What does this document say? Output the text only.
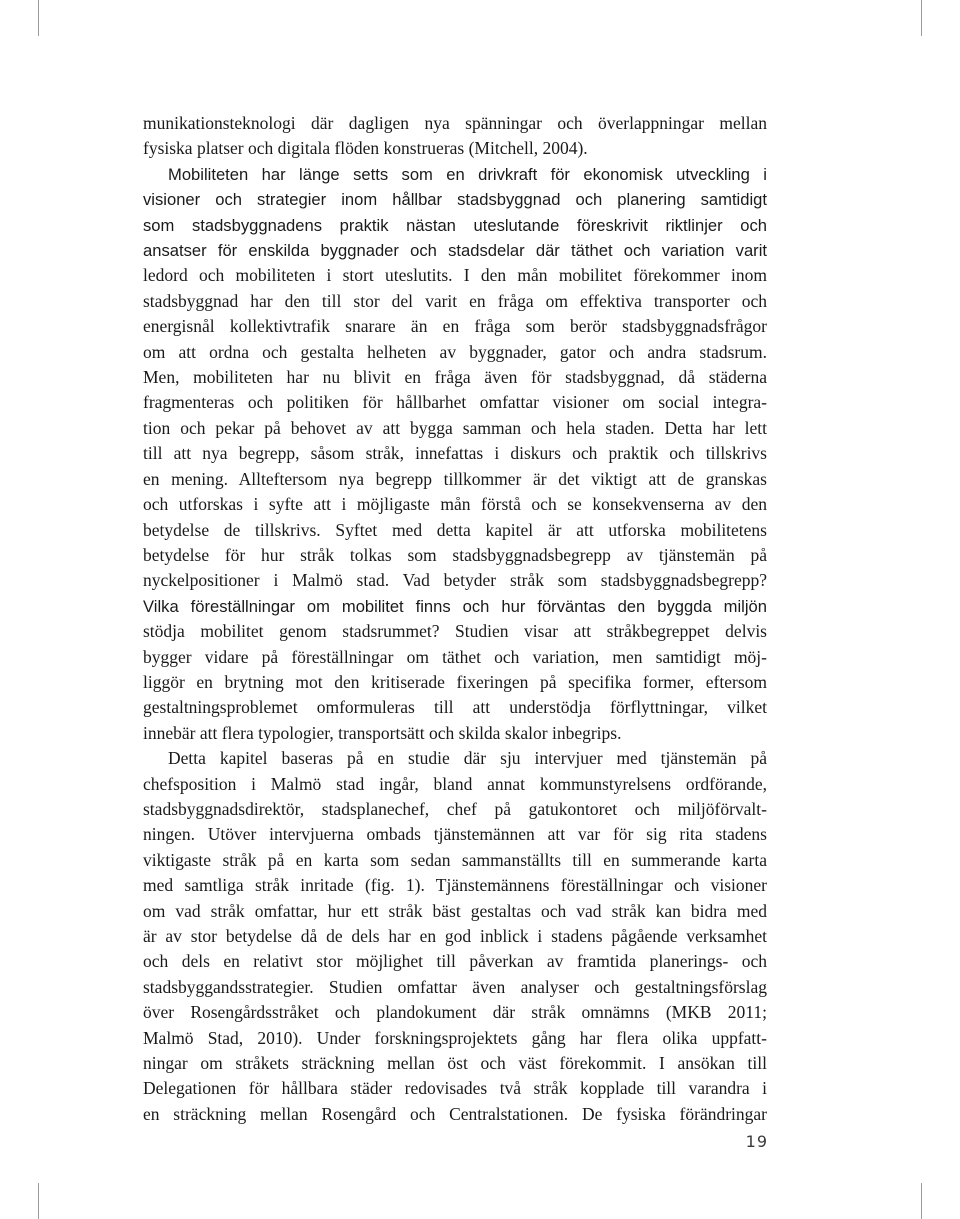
munikationsteknologi där dagligen nya spänningar och överlappningar mellan
fysiska platser och digitala flöden konstrueras (Mitchell, 2004).
Mobiliteten har länge setts som en drivkraft för ekonomisk utveckling i
visioner och strategier inom hållbar stadsbyggnad och planering samtidigt
som stadsbyggnadens praktik nästan uteslutande föreskrivit riktlinjer och
ansatser för enskilda byggnader och stadsdelar där täthet och variation varit
ledord och mobiliteten i stort uteslutits. I den mån mobilitet förekommer inom
stadsbyggnad har den till stor del varit en fråga om effektiva transporter och
energisnål kollektivtrafik snarare än en fråga som berör stadsbyggnadsfrågor
om att ordna och gestalta helheten av byggnader, gator och andra stadsrum.
Men, mobiliteten har nu blivit en fråga även för stadsbyggnad, då städerna
fragmenteras och politiken för hållbarhet omfattar visioner om social integra-
tion och pekar på behovet av att bygga samman och hela staden. Detta har lett
till att nya begrepp, såsom stråk, innefattas i diskurs och praktik och tillskrivs
en mening. Allteftersom nya begrepp tillkommer är det viktigt att de granskas
och utforskas i syfte att i möjligaste mån förstå och se konsekvenserna av den
betydelse de tillskrivs. Syftet med detta kapitel är att utforska mobilitetens
betydelse för hur stråk tolkas som stadsbyggnadsbegrepp av tjänstemän på
nyckelpositioner i Malmö stad. Vad betyder stråk som stadsbyggnadsbegrepp?
Vilka föreställningar om mobilitet finns och hur förväntas den byggda miljön
stödja mobilitet genom stadsrummet? Studien visar att stråkbegreppet delvis
bygger vidare på föreställningar om täthet och variation, men samtidigt möj-
liggör en brytning mot den kritiserade fixeringen på specifika former, eftersom
gestaltningsproblemet omformuleras till att understödja förflyttningar, vilket
innebär att flera typologier, transportsätt och skilda skalor inbegrips.
Detta kapitel baseras på en studie där sju intervjuer med tjänstemän på
chefsposition i Malmö stad ingår, bland annat kommunstyrelsens ordförande,
stadsbyggnadsdirektör, stadsplanechef, chef på gatukontoret och miljöförvalt-
ningen. Utöver intervjuerna ombads tjänstemännen att var för sig rita stadens
viktigaste stråk på en karta som sedan sammanställts till en summerande karta
med samtliga stråk inritade (fig. 1). Tjänstemännens föreställningar och visioner
om vad stråk omfattar, hur ett stråk bäst gestaltas och vad stråk kan bidra med
är av stor betydelse då de dels har en god inblick i stadens pågående verksamhet
och dels en relativt stor möjlighet till påverkan av framtida planerings- och
stadsbyggandsstrategier. Studien omfattar även analyser och gestaltningsförslag
över Rosengårdsstråket och plandokument där stråk omnämns (MKB 2011;
Malmö Stad, 2010). Under forskningsprojektets gång har flera olika uppfatt-
ningar om stråkets sträckning mellan öst och väst förekommit. I ansökan till
Delegationen för hållbara städer redovisades två stråk kopplade till varandra i
en sträckning mellan Rosengård och Centralstationen. De fysiska förändringar
19
